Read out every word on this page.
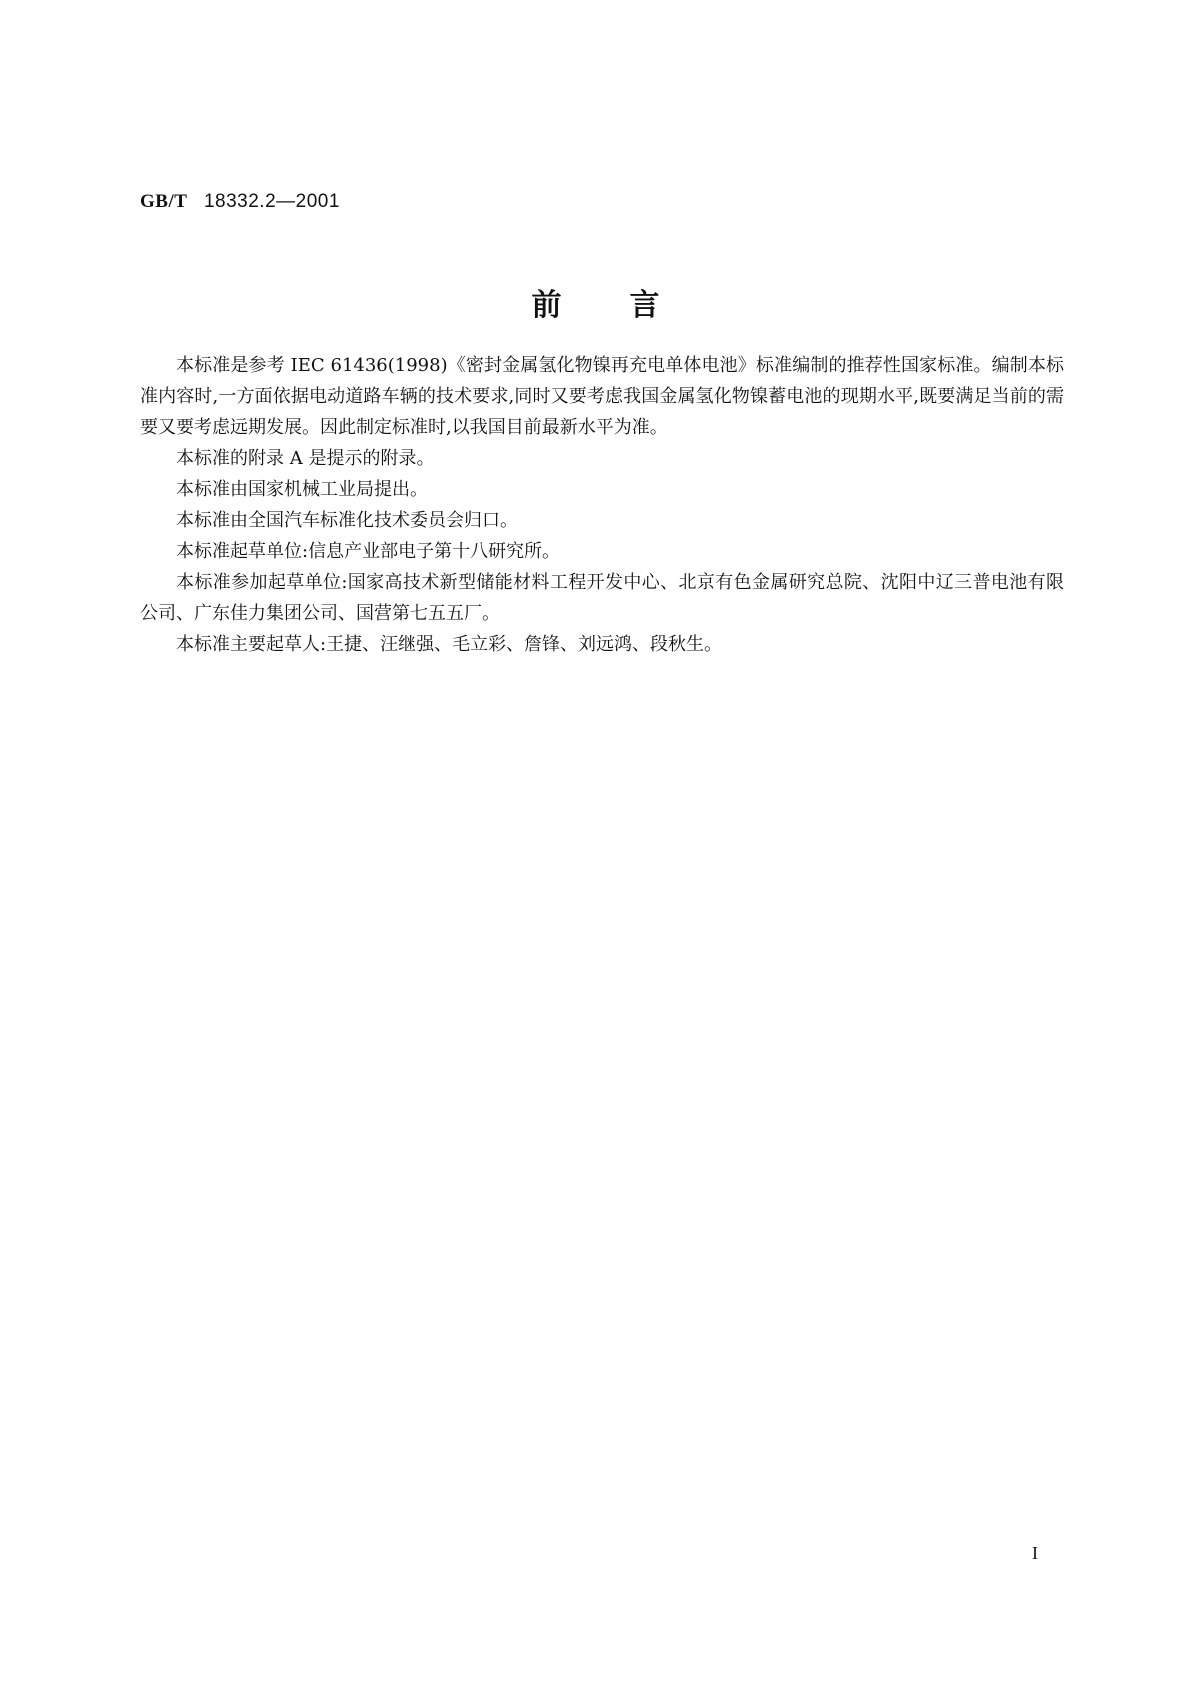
GB/T 18332.2—2001
前言

本标准是参考 IEC 61436(1998)《密封金属氢化物镍再充电单体电池》标准编制的推荐性国家标准。编制本标准内容时,一方面依据电动道路车辆的技术要求,同时又要考虑我国金属氢化物镍蓄电池的现期水平,既要满足当前的需要又要考虑远期发展。因此制定标准时,以我国目前最新水平为准。

本标准的附录 A 是提示的附录。

本标准由国家机械工业局提出。

本标准由全国汽车标准化技术委员会归口。

本标准起草单位:信息产业部电子第十八研究所。

本标准参加起草单位:国家高技术新型储能材料工程开发中心、北京有色金属研究总院、沈阳中辽三普电池有限公司、广东佳力集团公司、国营第七五五厂。

本标准主要起草人:王捷、汪继强、毛立彩、詹锋、刘远鸿、段秋生。

I
